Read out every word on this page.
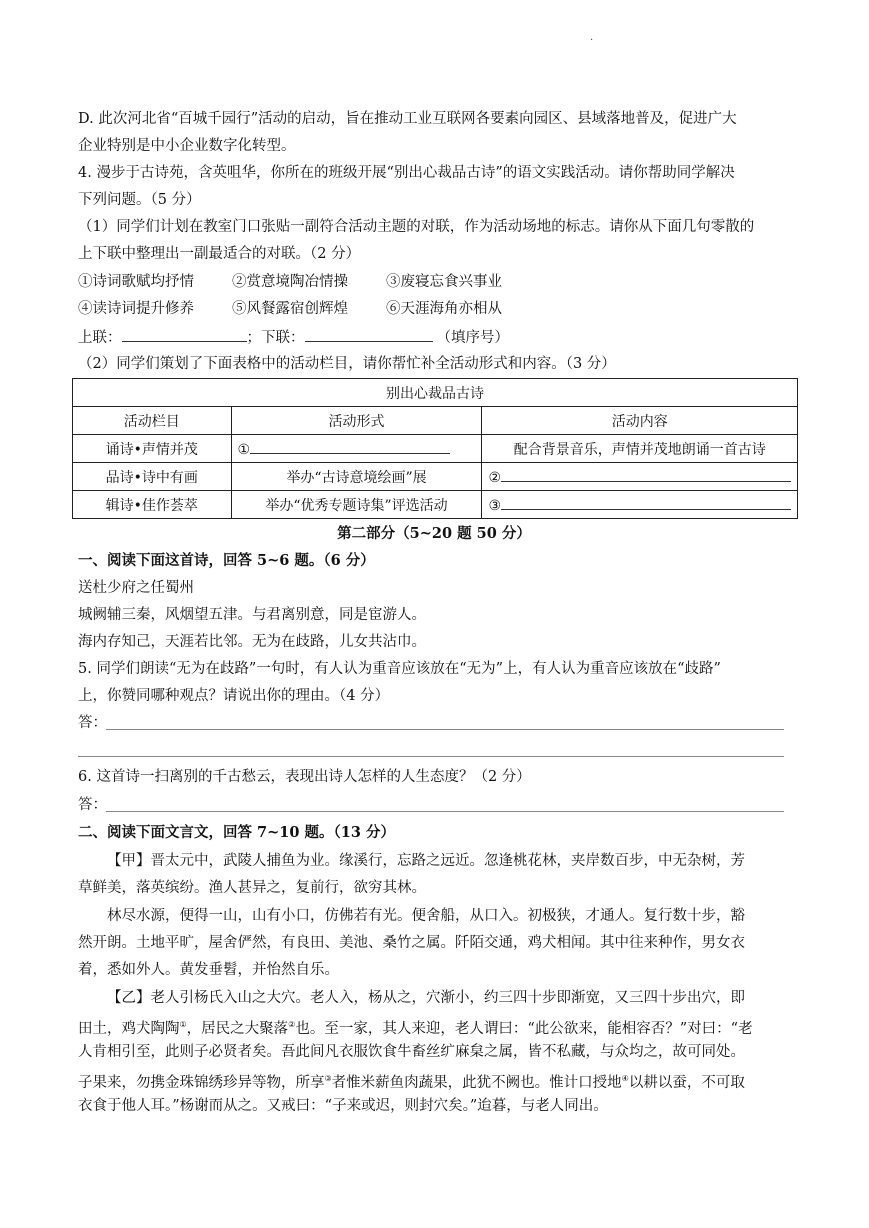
.
D. 此次河北省“百城千园行”活动的启动，旨在推动工业互联网各要素向园区、县域落地普及，促进广大
企业特别是中小企业数字化转型。
4. 漫步于古诗苑，含英咀华，你所在的班级开展“别出心裁品古诗”的语文实践活动。请你帮助同学解决
下列问题。（5 分）
（1）同学们计划在教室门口张贴一副符合活动主题的对联，作为活动场地的标志。请你从下面几句零散的
上下联中整理出一副最适合的对联。（2 分）
①诗词歌赋均抒情	②赏意境陶冶情操	③废寝忘食兴事业
④读诗词提升修养	⑤风餐露宿创辉煌	⑥天涯海角亦相从
上联：	；下联：	（填序号）
（2）同学们策划了下面表格中的活动栏目，请你帮忙补全活动形式和内容。（3 分）
别出心裁品古诗		
活动栏目	活动形式	活动内容
诵诗•声情并茂	①	配合背景音乐，声情并茂地朗诵一首古诗
品诗•诗中有画	举办“古诗意境绘画”展	②
辑诗•佳作荟萃	举办“优秀专题诗集”评选活动	③
第二部分（5~20 题 50 分）
一、阅读下面这首诗，回答 5~6 题。（6 分）
送杜少府之任蜀州
城阙辅三秦，风烟望五津。与君离别意，同是宦游人。
海内存知己，天涯若比邻。无为在歧路，儿女共沾巾。
5. 同学们朗读“无为在歧路”一句时，有人认为重音应该放在“无为”上，有人认为重音应该放在“歧路”
上，你赞同哪种观点？请说出你的理由。（4 分）
答：
6. 这首诗一扫离别的千古愁云，表现出诗人怎样的人生态度？（2 分）
答：
二、阅读下面文言文，回答 7~10 题。（13 分）
【甲】晋太元中，武陵人捕鱼为业。缘溪行，忘路之远近。忽逢桃花林，夹岸数百步，中无杂树，芳
草鲜美，落英缤纷。渔人甚异之，复前行，欲穷其林。
林尽水源，便得一山，山有小口，仿佛若有光。便舍船，从口入。初极狭，才通人。复行数十步，豁
然开朗。土地平旷，屋舍俨然，有良田、美池、桑竹之属。阡陌交通，鸡犬相闻。其中往来种作，男女衣
着，悉如外人。黄发垂髫，并怡然自乐。
【乙】老人引杨氏入山之大穴。老人入，杨从之，穴渐小，约三四十步即渐宽，又三四十步出穴，即
田土，鸡犬陶陶①，居民之大聚落②也。至一家，其人来迎，老人谓曰：“此公欲来，能相容否？”对曰：“老
人肯相引至，此则子必贤者矣。吾此间凡衣服饮食牛畜丝纩麻枲之属，皆不私藏，与众均之，故可同处。
子果来，勿携金珠锦绣珍异等物，所享③者惟米薪鱼肉蔬果，此犹不阙也。惟计口授地④以耕以蚕，不可取
衣食于他人耳。”杨谢而从之。又戒曰：“子来或迟，则封穴矣。”迨暮，与老人同出。
